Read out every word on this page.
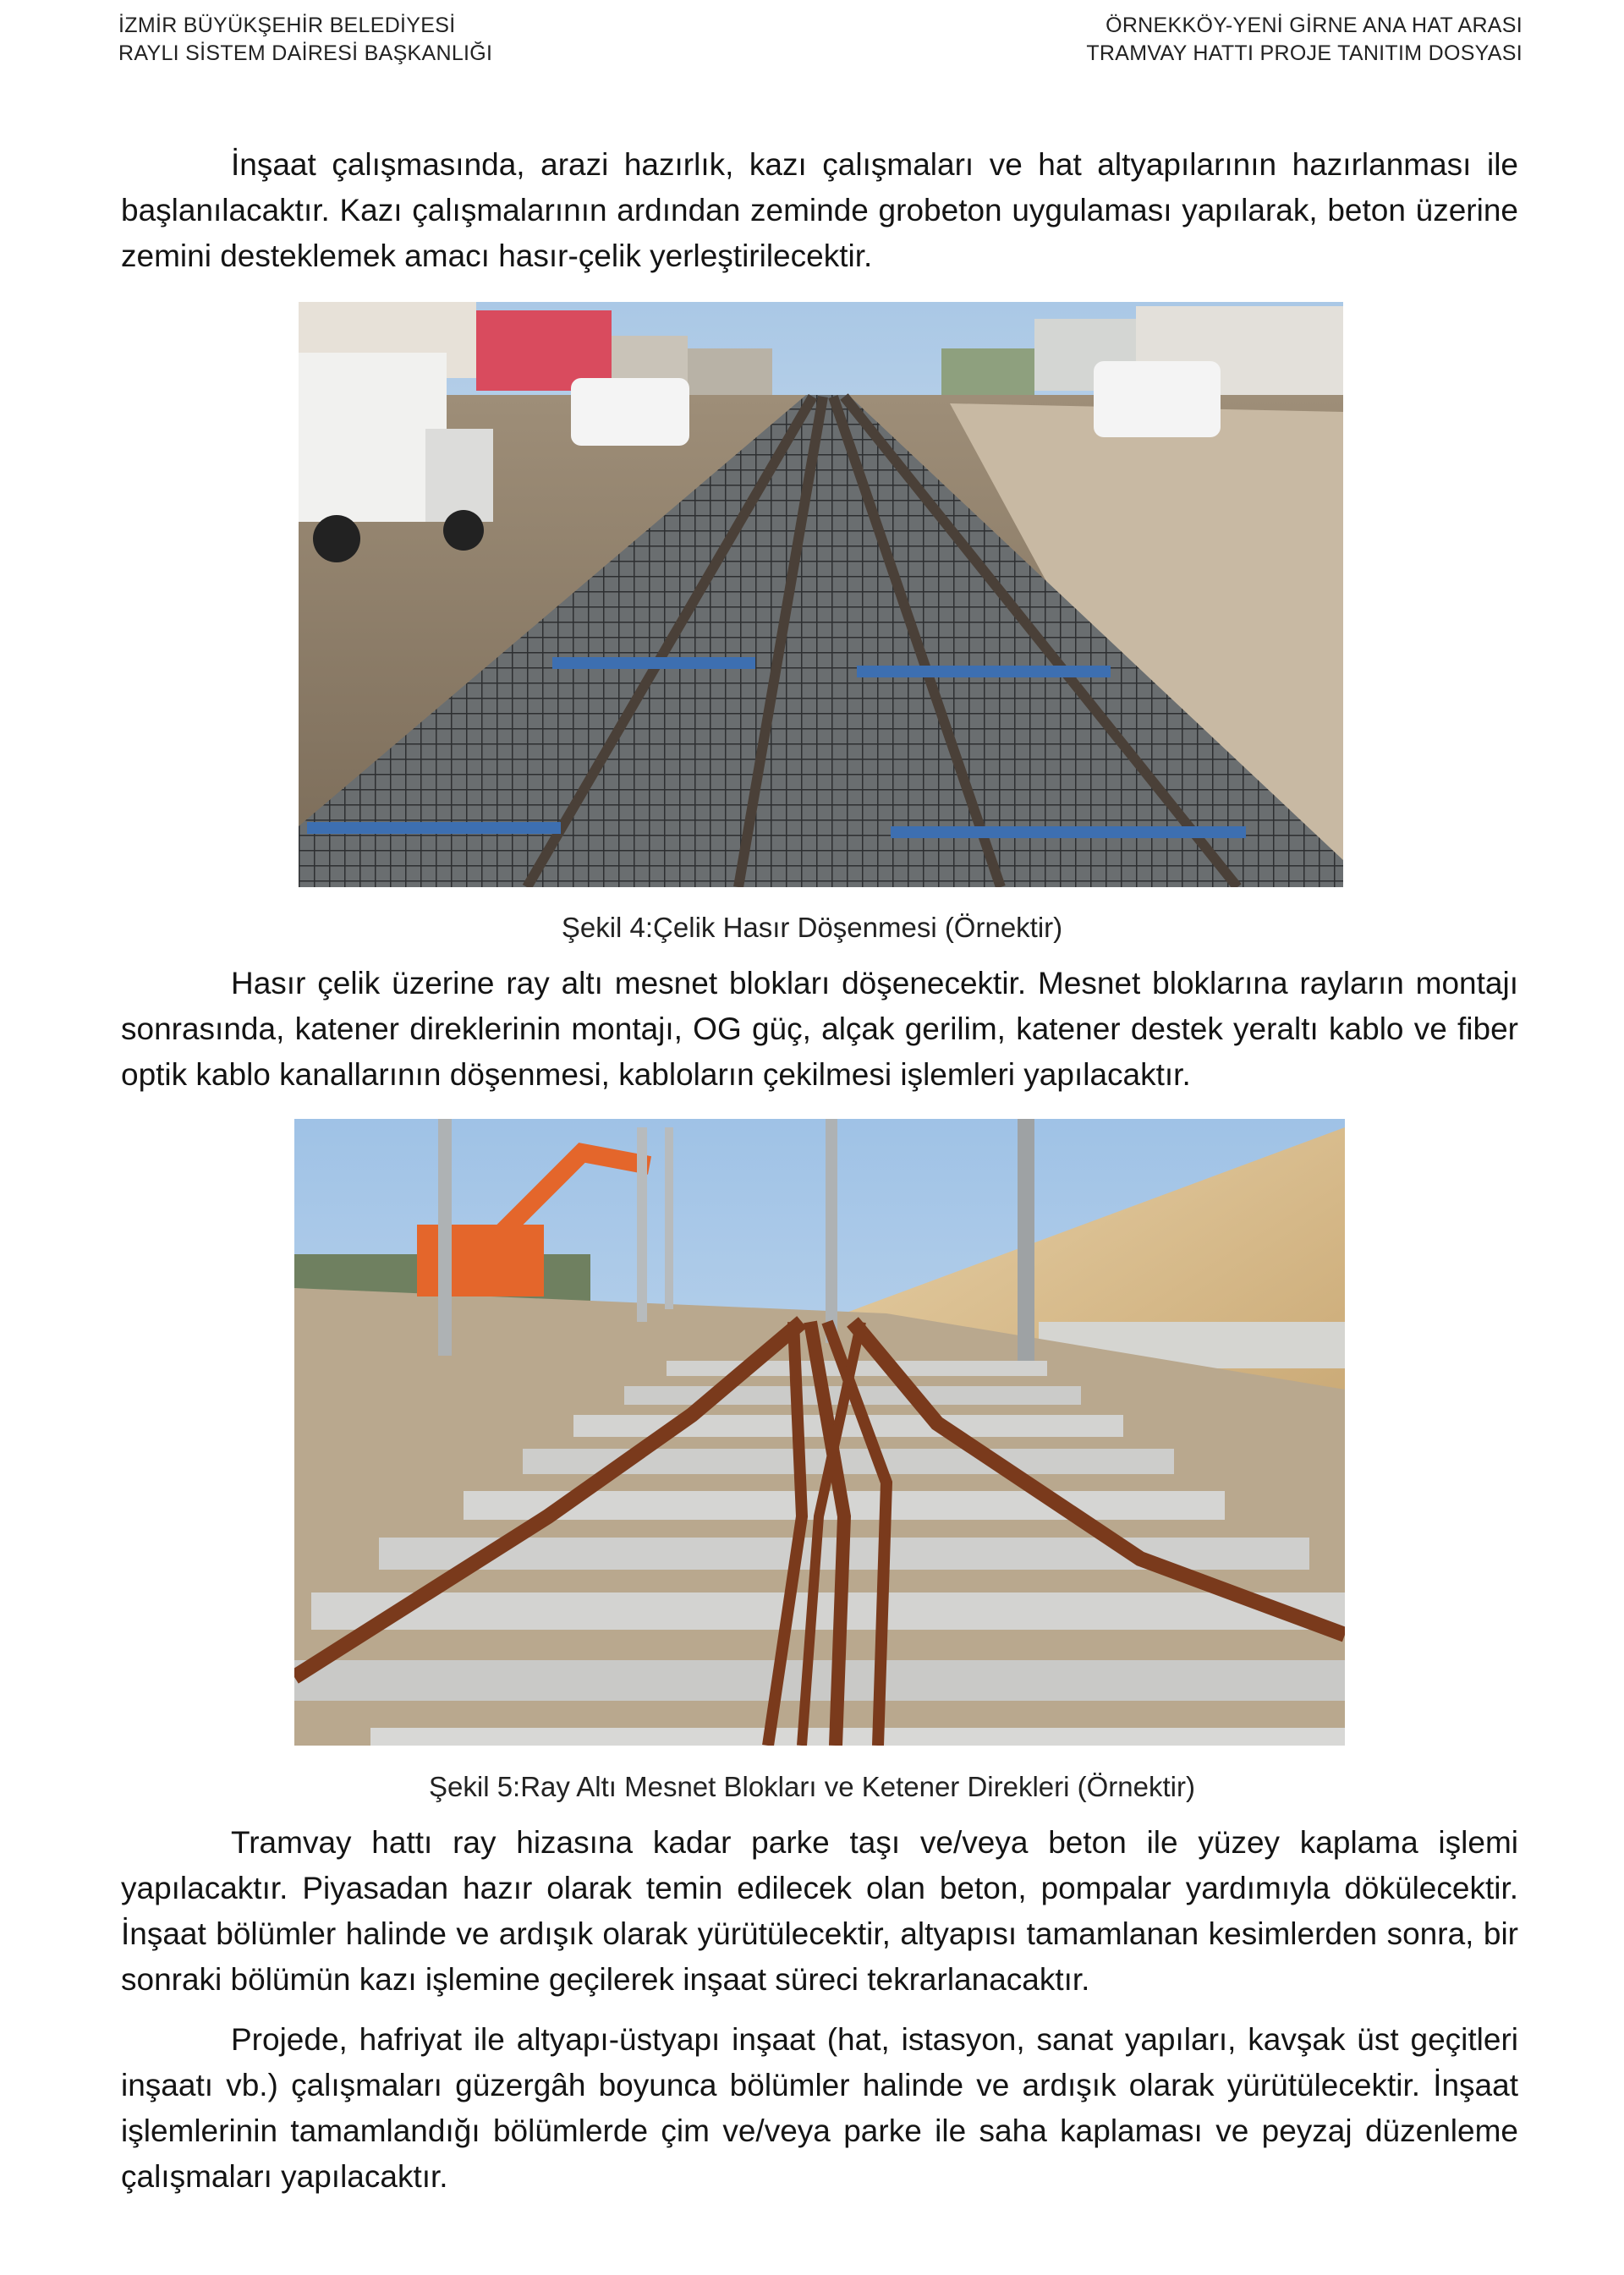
İZMİR BÜYÜKŞEHİR BELEDİYESİ
RAYLI SİSTEM DAİRESİ BAŞKANLIĞI
ÖRNEKKÖY-YENİ GİRNE ANA HAT ARASI
TRAMVAY HATTI PROJE TANITIM DOSYASI

İnşaat çalışmasında, arazi hazırlık, kazı çalışmaları ve hat altyapılarının hazırlanması ile başlanılacaktır. Kazı çalışmalarının ardından zeminde grobeton uygulaması yapılarak, beton üzerine zemini desteklemek amacı hasır-çelik yerleştirilecektir.

Şekil 4:Çelik Hasır Döşenmesi (Örnektir)

Hasır çelik üzerine ray altı mesnet blokları döşenecektir. Mesnet bloklarına rayların montajı sonrasında, katener direklerinin montajı, OG güç, alçak gerilim, katener destek yeraltı kablo ve fiber optik kablo kanallarının döşenmesi, kabloların çekilmesi işlemleri yapılacaktır.

Şekil 5:Ray Altı Mesnet Blokları ve Ketener Direkleri (Örnektir)

Tramvay hattı ray hizasına kadar parke taşı ve/veya beton ile yüzey kaplama işlemi yapılacaktır. Piyasadan hazır olarak temin edilecek olan beton, pompalar yardımıyla dökülecektir. İnşaat bölümler halinde ve ardışık olarak yürütülecektir, altyapısı tamamlanan kesimlerden sonra, bir sonraki bölümün kazı işlemine geçilerek inşaat süreci tekrarlanacaktır.

Projede, hafriyat ile altyapı-üstyapı inşaat (hat, istasyon, sanat yapıları, kavşak üst geçitleri inşaatı vb.) çalışmaları güzergâh boyunca bölümler halinde ve ardışık olarak yürütülecektir. İnşaat işlemlerinin tamamlandığı bölümlerde çim ve/veya parke ile saha kaplaması ve peyzaj düzenleme çalışmaları yapılacaktır.
